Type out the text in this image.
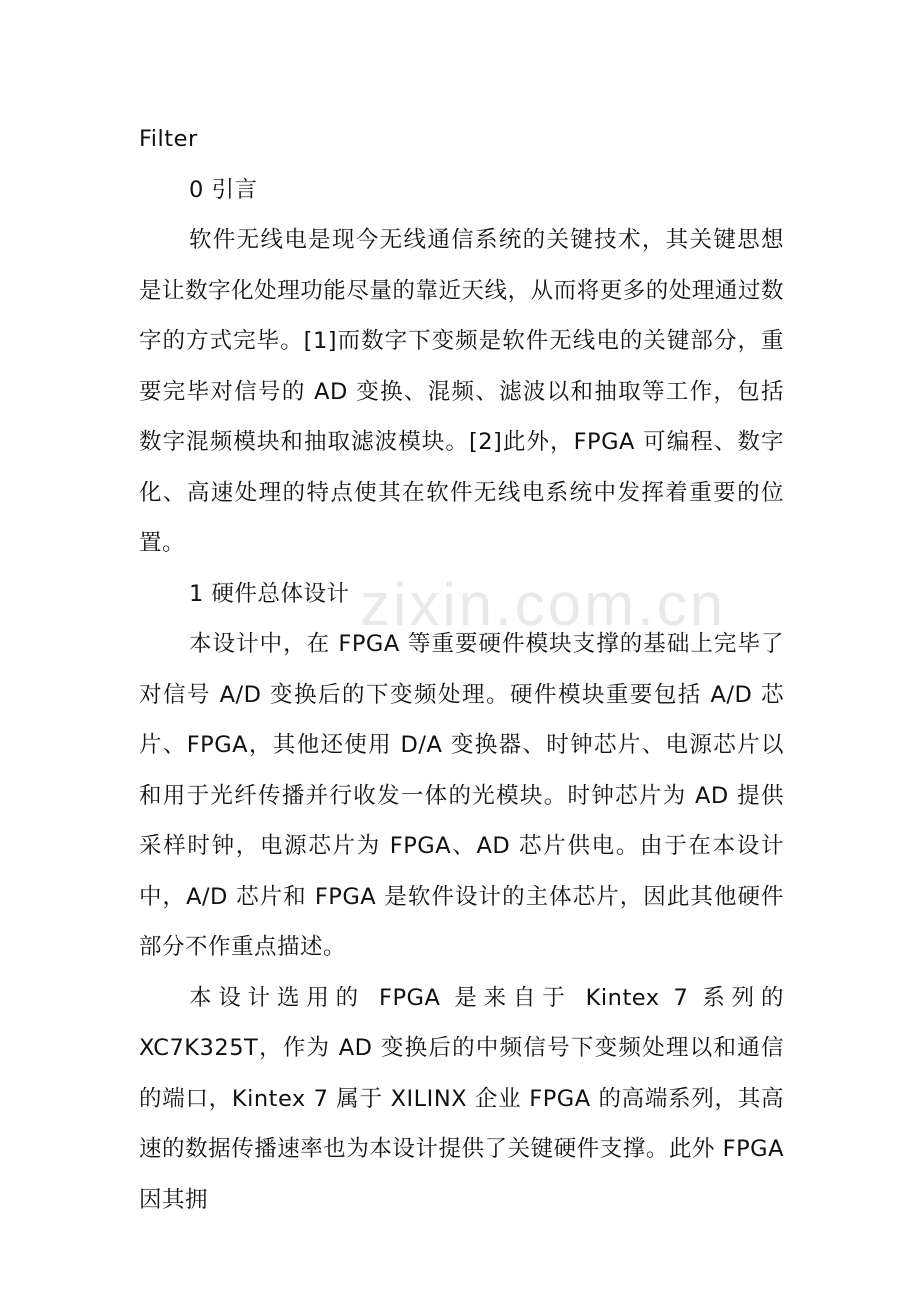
zixin.com.cn
Filter
0 引言

软件无线电是现今无线通信系统的关键技术，其关键思想是让数字化处理功能尽量的靠近天线，从而将更多的处理通过数字的方式完毕。[1]而数字下变频是软件无线电的关键部分，重要完毕对信号的 AD 变换、混频、滤波以和抽取等工作，包括数字混频模块和抽取滤波模块。[2]此外，FPGA 可编程、数字化、高速处理的特点使其在软件无线电系统中发挥着重要的位置。

1 硬件总体设计

本设计中，在 FPGA 等重要硬件模块支撑的基础上完毕了对信号 A/D 变换后的下变频处理。硬件模块重要包括 A/D 芯片、FPGA，其他还使用 D/A 变换器、时钟芯片、电源芯片以和用于光纤传播并行收发一体的光模块。时钟芯片为 AD 提供采样时钟，电源芯片为 FPGA、AD 芯片供电。由于在本设计中，A/D 芯片和 FPGA 是软件设计的主体芯片，因此其他硬件部分不作重点描述。

本设计选用的 FPGA 是来自于 Kintex 7 系列的 XC7K325T，作为 AD 变换后的中频信号下变频处理以和通信的端口，Kintex 7 属于 XILINX 企业 FPGA 的高端系列，其高速的数据传播速率也为本设计提供了关键硬件支撑。此外 FPGA 因其拥
